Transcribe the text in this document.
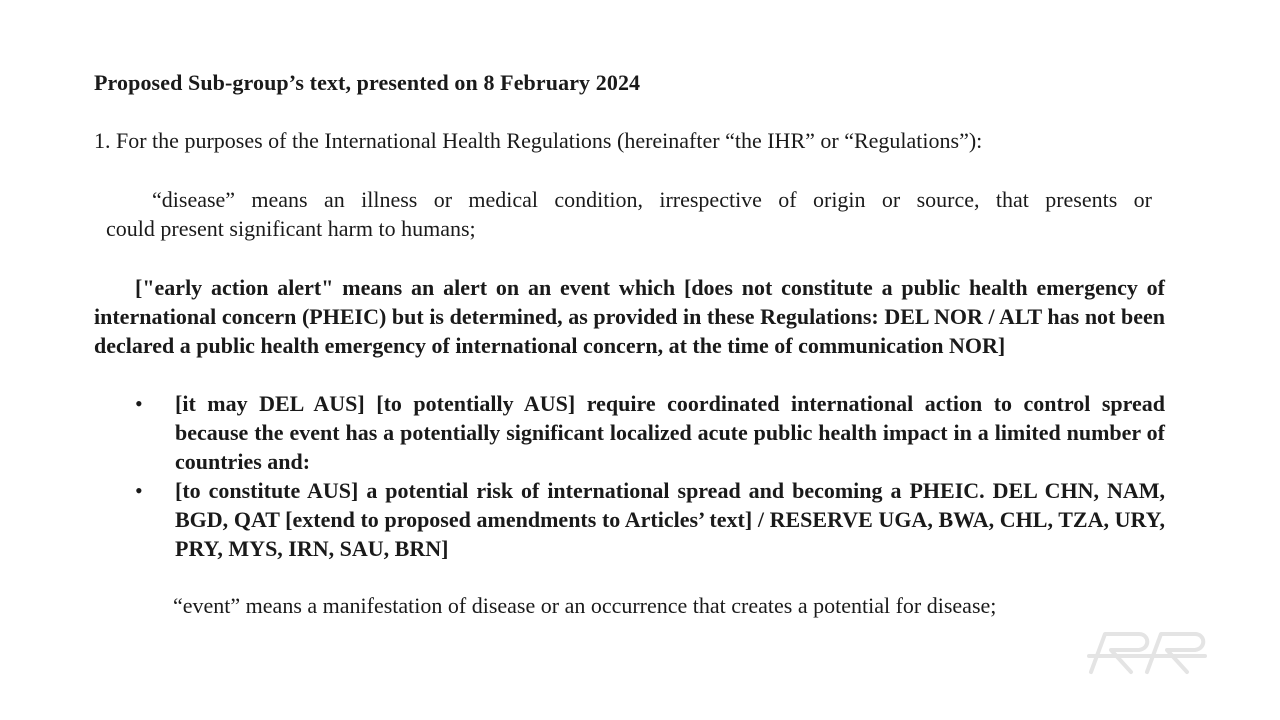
Proposed Sub-group’s text, presented on 8 February 2024
1. For the purposes of the International Health Regulations (hereinafter “the IHR” or “Regulations”):
“disease” means an illness or medical condition, irrespective of origin or source, that presents or
could present significant harm to humans;
["early action alert" means an alert on an event which [does not constitute a public health emergency of international concern (PHEIC) but is determined, as provided in these Regulations: DEL NOR / ALT has not been declared a public health emergency of international concern, at the time of communication NOR]
• [it may DEL AUS] [to potentially AUS] require coordinated international action to control spread because the event has a potentially significant localized acute public health impact in a limited number of countries and:
• [to constitute AUS] a potential risk of international spread and becoming a PHEIC. DEL CHN, NAM, BGD, QAT [extend to proposed amendments to Articles’ text] / RESERVE UGA, BWA, CHL, TZA, URY, PRY, MYS, IRN, SAU, BRN]
“event” means a manifestation of disease or an occurrence that creates a potential for disease;
